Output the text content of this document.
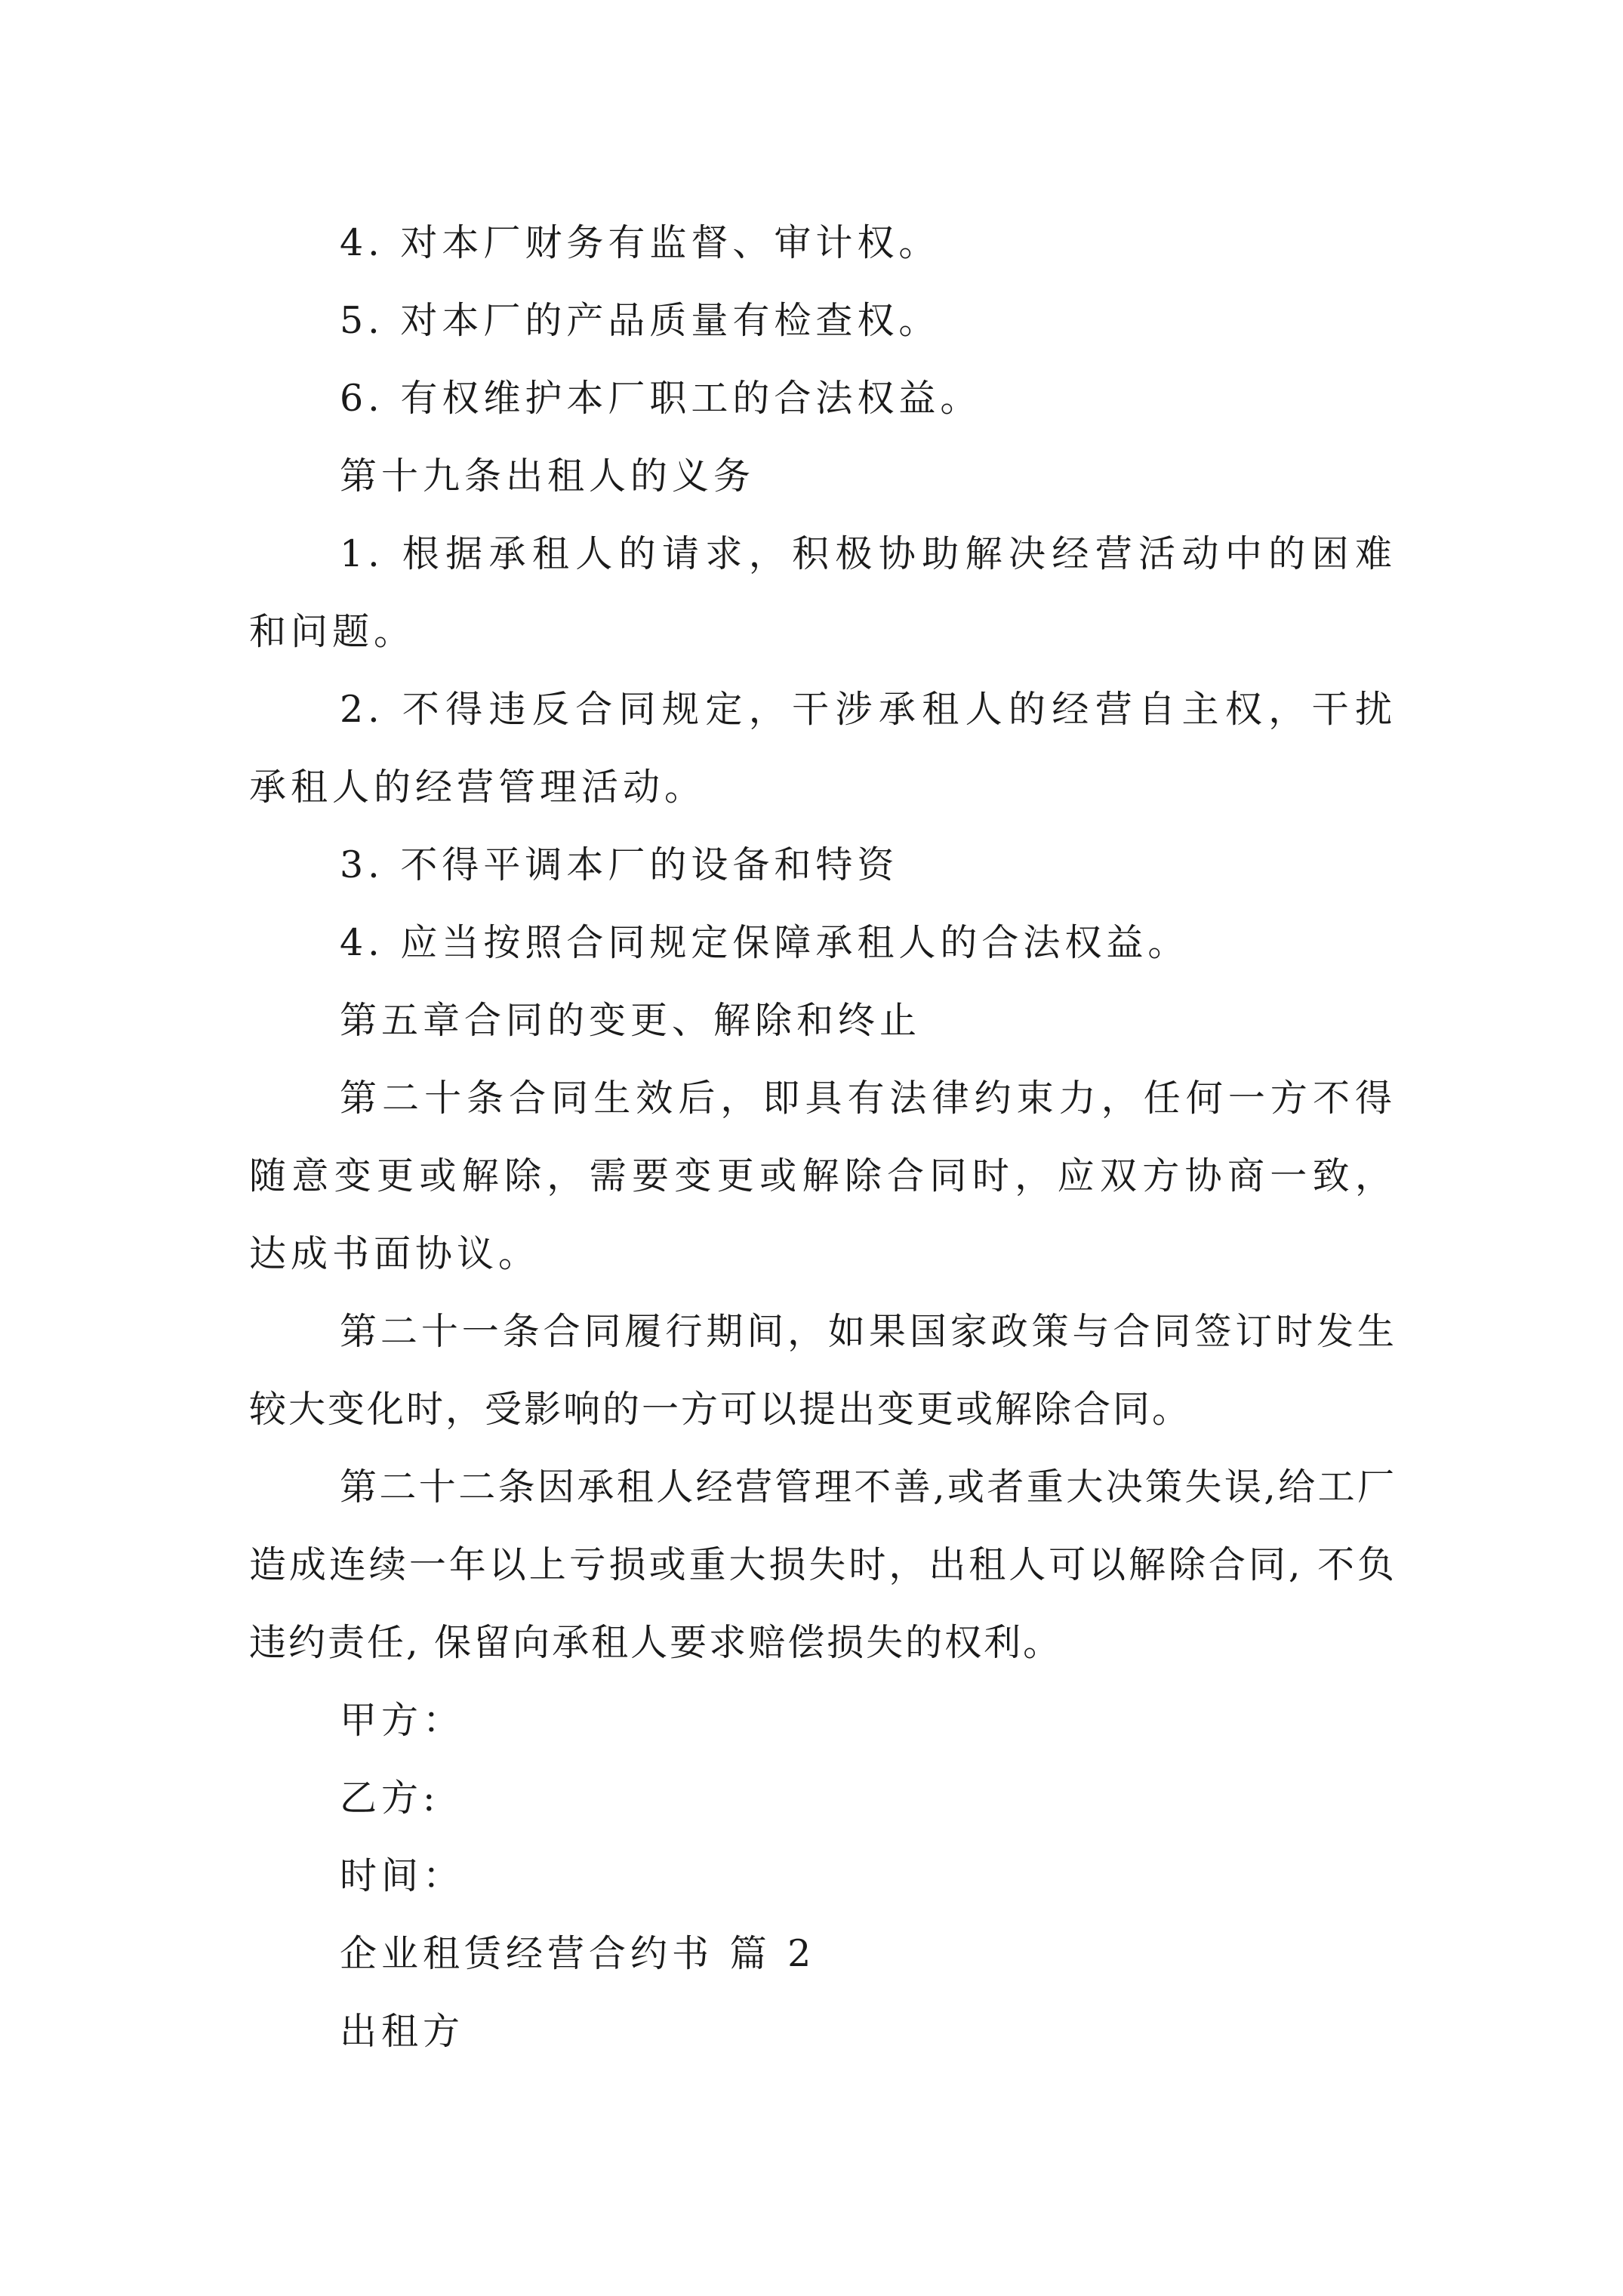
4. 对本厂财务有监督、审计权。

5. 对本厂的产品质量有检查权。

6. 有权维护本厂职工的合法权益。

第十九条出租人的义务

1. 根据承租人的请求，积极协助解决经营活动中的困难和问题。

2. 不得违反合同规定，干涉承租人的经营自主权，干扰承租人的经营管理活动。

3. 不得平调本厂的设备和特资

4. 应当按照合同规定保障承租人的合法权益。

第五章合同的变更、解除和终止

第二十条合同生效后，即具有法律约束力，任何一方不得随意变更或解除，需要变更或解除合同时，应双方协商一致，达成书面协议。

第二十一条合同履行期间，如果国家政策与合同签订时发生较大变化时，受影响的一方可以提出变更或解除合同。

第二十二条因承租人经营管理不善,或者重大决策失误,给工厂造成连续一年以上亏损或重大损失时，出租人可以解除合同, 不负违约责任, 保留向承租人要求赔偿损失的权利。

甲方：

乙方:

时间：

企业租赁经营合约书 篇 2

出租方
